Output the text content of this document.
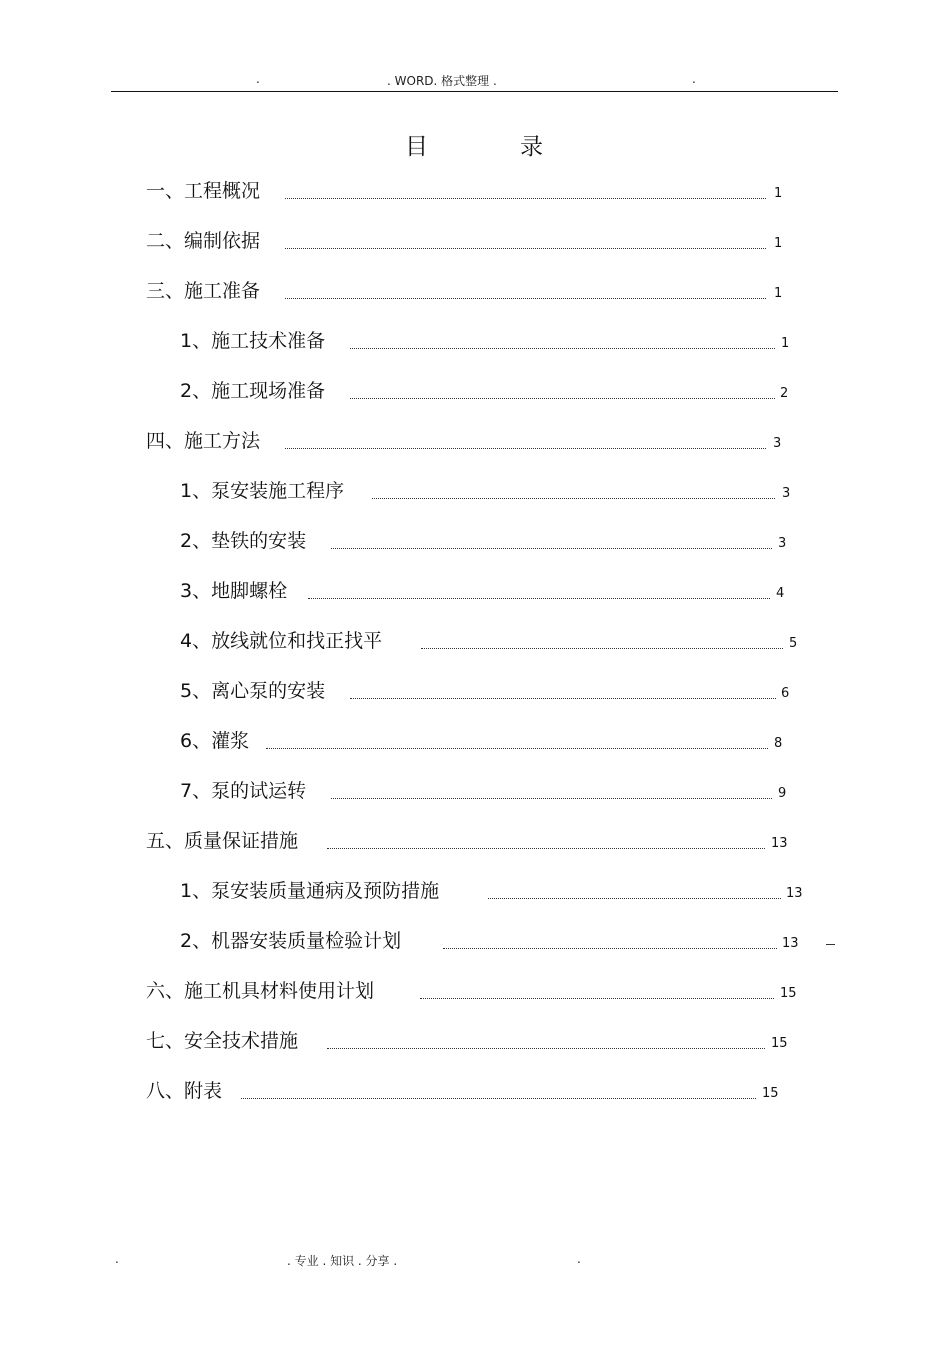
.	. WORD. 格式整理 .	.
目	录
一、工程概况	1
二、编制依据	1
三、施工准备	1
1、施工技术准备	1
2、施工现场准备	2
四、施工方法	3
1、泵安装施工程序	3
2、垫铁的安装	3
3、地脚螺栓	4
4、放线就位和找正找平	5
5、离心泵的安装	6
6、灌浆	8
7、泵的试运转	9
五、质量保证措施	13
1、泵安装质量通病及预防措施	13
2、机器安装质量检验计划	13
六、施工机具材料使用计划	15
七、安全技术措施	15
八、附表	15
.	. 专业 . 知识 . 分享 .	.
